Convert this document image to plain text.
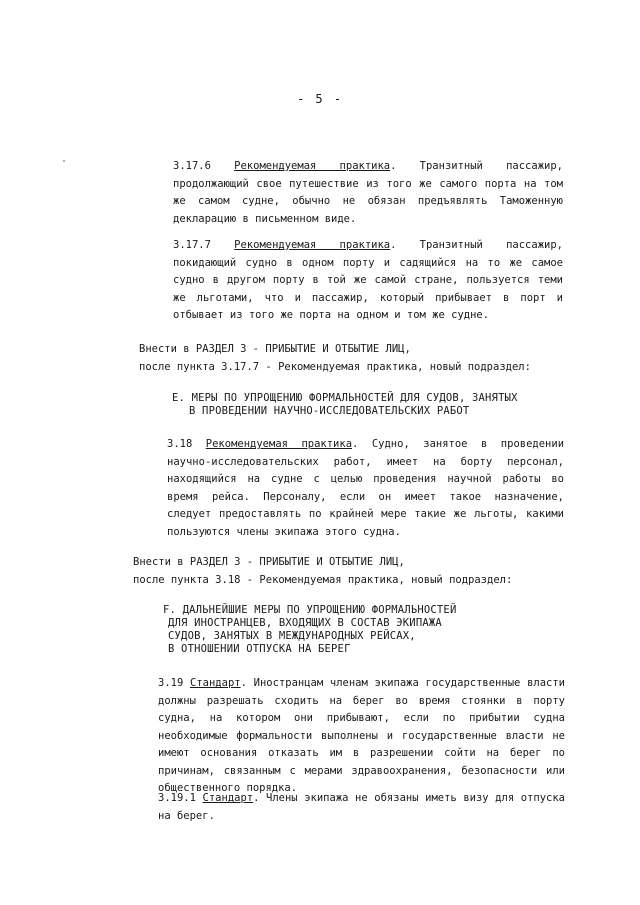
- 5 -
3.17.6 Рекомендуемая практика. Транзитный пассажир, продолжающий свое путешествие из того же самого порта на том же самом судне, обычно не обязан предъявлять Таможенную декларацию в письменном виде.
3.17.7 Рекомендуемая практика. Транзитный пассажир, покидающий судно в одном порту и садящийся на то же самое судно в другом порту в той же самой стране, пользуется теми же льготами, что и пассажир, который прибывает в порт и отбывает из того же порта на одном и том же судне.
Внести в РАЗДЕЛ 3 - ПРИБЫТИЕ И ОТБЫТИЕ ЛИЦ,
после пункта 3.17.7 - Рекомендуемая практика, новый подраздел:
E. МЕРЫ ПО УПРОЩЕНИЮ ФОРМАЛЬНОСТЕЙ ДЛЯ СУДОВ, ЗАНЯТЫХ
В ПРОВЕДЕНИИ НАУЧНО-ИССЛЕДОВАТЕЛЬСКИХ РАБОТ
3.18 Рекомендуемая практика. Судно, занятое в проведении научно-исследовательских работ, имеет на борту персонал, находящийся на судне с целью проведения научной работы во время рейса. Персоналу, если он имеет такое назначение, следует предоставлять по крайней мере такие же льготы, какими пользуются члены экипажа этого судна.
Внести в РАЗДЕЛ 3 - ПРИБЫТИЕ И ОТБЫТИЕ ЛИЦ,
после пункта 3.18 - Рекомендуемая практика, новый подраздел:
F. ДАЛЬНЕЙШИЕ МЕРЫ ПО УПРОЩЕНИЮ ФОРМАЛЬНОСТЕЙ
ДЛЯ ИНОСТРАНЦЕВ, ВХОДЯЩИХ В СОСТАВ ЭКИПАЖА
СУДОВ, ЗАНЯТЫХ В МЕЖДУНАРОДНЫХ РЕЙСАХ,
В ОТНОШЕНИИ ОТПУСКА НА БЕРЕГ
3.19 Стандарт. Иностранцам членам экипажа государственные власти должны разрешать сходить на берег во время стоянки в порту судна, на котором они прибывают, если по прибытии судна необходимые формальности выполнены и государственные власти не имеют основания отказать им в разрешении сойти на берег по причинам, связанным с мерами здравоохранения, безопасности или общественного порядка.
3.19.1 Стандарт. Члены экипажа не обязаны иметь визу для отпуска на берег.
